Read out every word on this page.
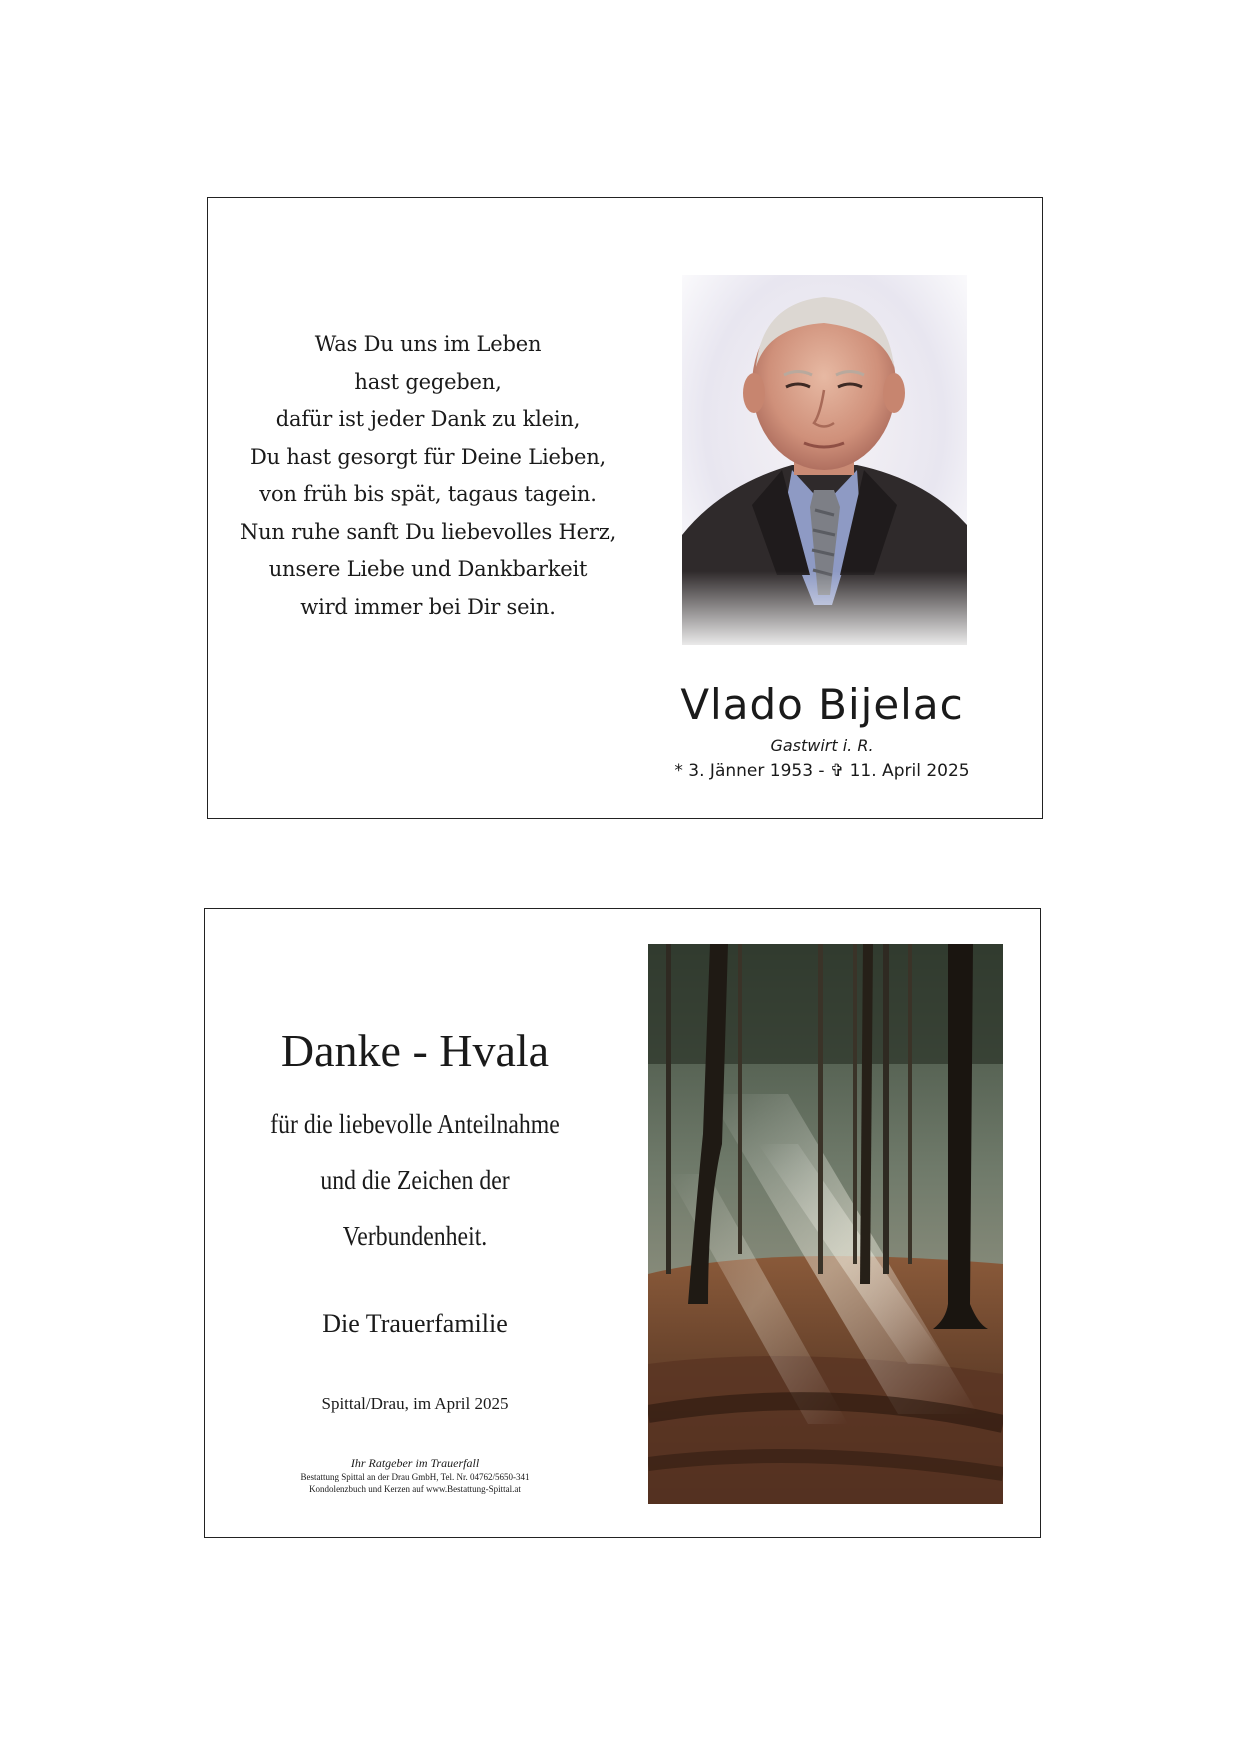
Was Du uns im Leben
hast gegeben,
dafür ist jeder Dank zu klein,
Du hast gesorgt für Deine Lieben,
von früh bis spät, tagaus tagein.
Nun ruhe sanft Du liebevolles Herz,
unsere Liebe und Dankbarkeit
wird immer bei Dir sein.
Vlado Bijelac
Gastwirt i. R.
* 3. Jänner 1953 - ✞ 11. April 2025
Danke - Hvala
für die liebevolle Anteilnahme
und die Zeichen der
Verbundenheit.
Die Trauerfamilie
Spittal/Drau, im April 2025
Ihr Ratgeber im Trauerfall
Bestattung Spittal an der Drau GmbH, Tel. Nr. 04762/5650-341
Kondolenzbuch und Kerzen auf www.Bestattung-Spittal.at
